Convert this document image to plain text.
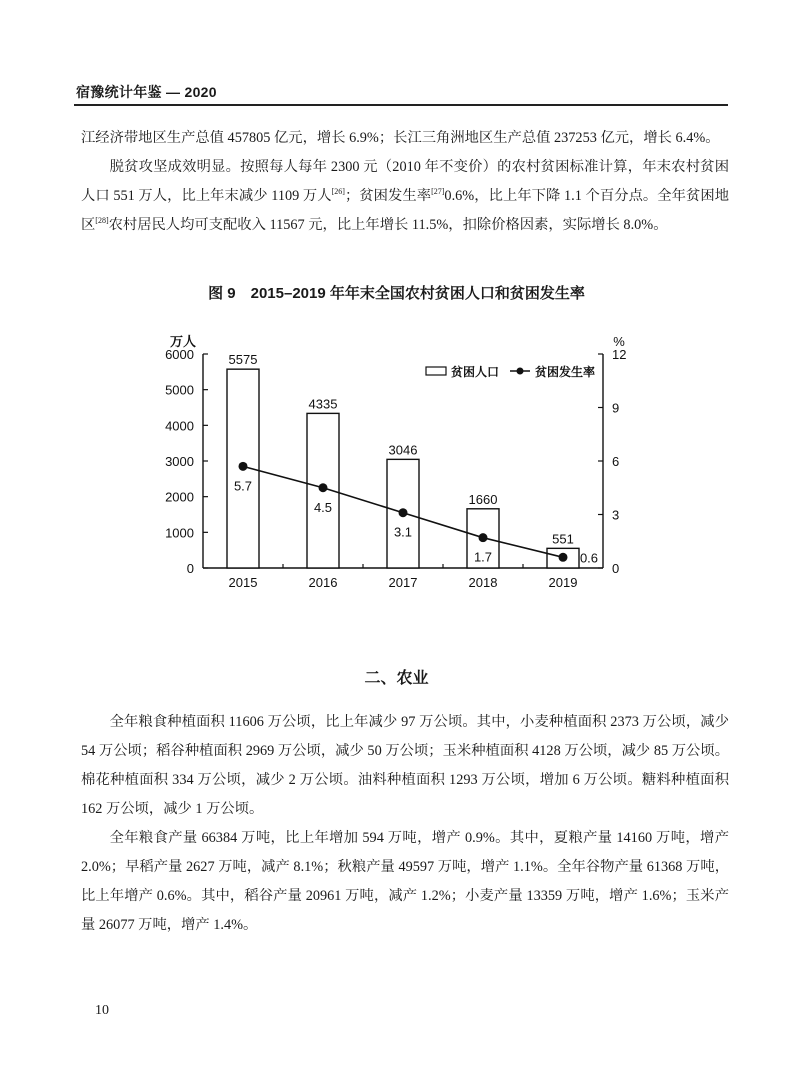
宿豫统计年鉴 — 2020
江经济带地区生产总值 457805 亿元，增长 6.9%；长江三角洲地区生产总值 237253 亿元，增长 6.4%。
脱贫攻坚成效明显。按照每人每年 2300 元（2010 年不变价）的农村贫困标准计算，年末农村贫困人口 551 万人，比上年末减少 1109 万人[26]；贫困发生率[27]0.6%，比上年下降 1.1 个百分点。全年贫困地区[28]农村居民人均可支配收入 11567 元，比上年增长 11.5%，扣除价格因素，实际增长 8.0%。
图 9　2015–2019 年年末全国农村贫困人口和贫困发生率
0
1000
2000
3000
4000
5000
6000
0
3
6
9
12
2015	2016	2017	2018	2019
万人	%
5575
4335
3046
1660
551
5.7
4.5
3.1
1.7	0.6
贫困人口	贫困发生率
二、农业
全年粮食种植面积 11606 万公顷，比上年减少 97 万公顷。其中，小麦种植面积 2373 万公顷，减少 54 万公顷；稻谷种植面积 2969 万公顷，减少 50 万公顷；玉米种植面积 4128 万公顷，减少 85 万公顷。棉花种植面积 334 万公顷，减少 2 万公顷。油料种植面积 1293 万公顷，增加 6 万公顷。糖料种植面积 162 万公顷，减少 1 万公顷。
全年粮食产量 66384 万吨，比上年增加 594 万吨，增产 0.9%。其中，夏粮产量 14160 万吨，增产 2.0%；早稻产量 2627 万吨，减产 8.1%；秋粮产量 49597 万吨，增产 1.1%。全年谷物产量 61368 万吨，比上年增产 0.6%。其中，稻谷产量 20961 万吨，减产 1.2%；小麦产量 13359 万吨，增产 1.6%；玉米产量 26077 万吨，增产 1.4%。
10
